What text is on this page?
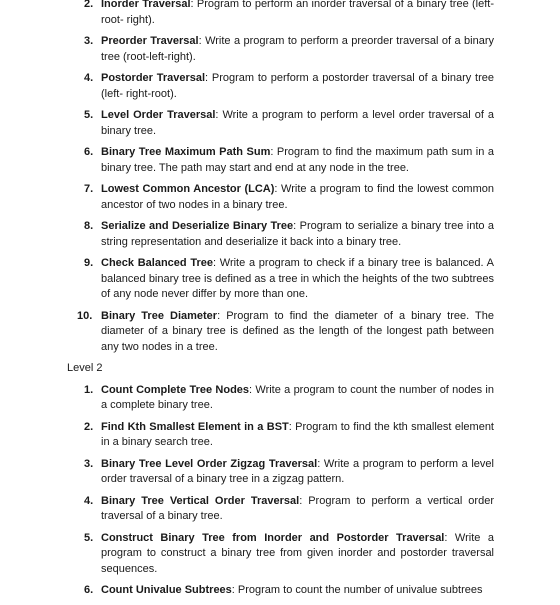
2. Inorder Traversal: Program to perform an inorder traversal of a binary tree (left-root- right).
3. Preorder Traversal: Write a program to perform a preorder traversal of a binary tree (root-left-right).
4. Postorder Traversal: Program to perform a postorder traversal of a binary tree (left- right-root).
5. Level Order Traversal: Write a program to perform a level order traversal of a binary tree.
6. Binary Tree Maximum Path Sum: Program to find the maximum path sum in a binary tree. The path may start and end at any node in the tree.
7. Lowest Common Ancestor (LCA): Write a program to find the lowest common ancestor of two nodes in a binary tree.
8. Serialize and Deserialize Binary Tree: Program to serialize a binary tree into a string representation and deserialize it back into a binary tree.
9. Check Balanced Tree: Write a program to check if a binary tree is balanced. A balanced binary tree is defined as a tree in which the heights of the two subtrees of any node never differ by more than one.
10. Binary Tree Diameter: Program to find the diameter of a binary tree. The diameter of a binary tree is defined as the length of the longest path between any two nodes in a tree.
Level 2
1. Count Complete Tree Nodes: Write a program to count the number of nodes in a complete binary tree.
2. Find Kth Smallest Element in a BST: Program to find the kth smallest element in a binary search tree.
3. Binary Tree Level Order Zigzag Traversal: Write a program to perform a level order traversal of a binary tree in a zigzag pattern.
4. Binary Tree Vertical Order Traversal: Program to perform a vertical order traversal of a binary tree.
5. Construct Binary Tree from Inorder and Postorder Traversal: Write a program to construct a binary tree from given inorder and postorder traversal sequences.
6. Count Univalue Subtrees: Program to count the number of univalue subtrees
